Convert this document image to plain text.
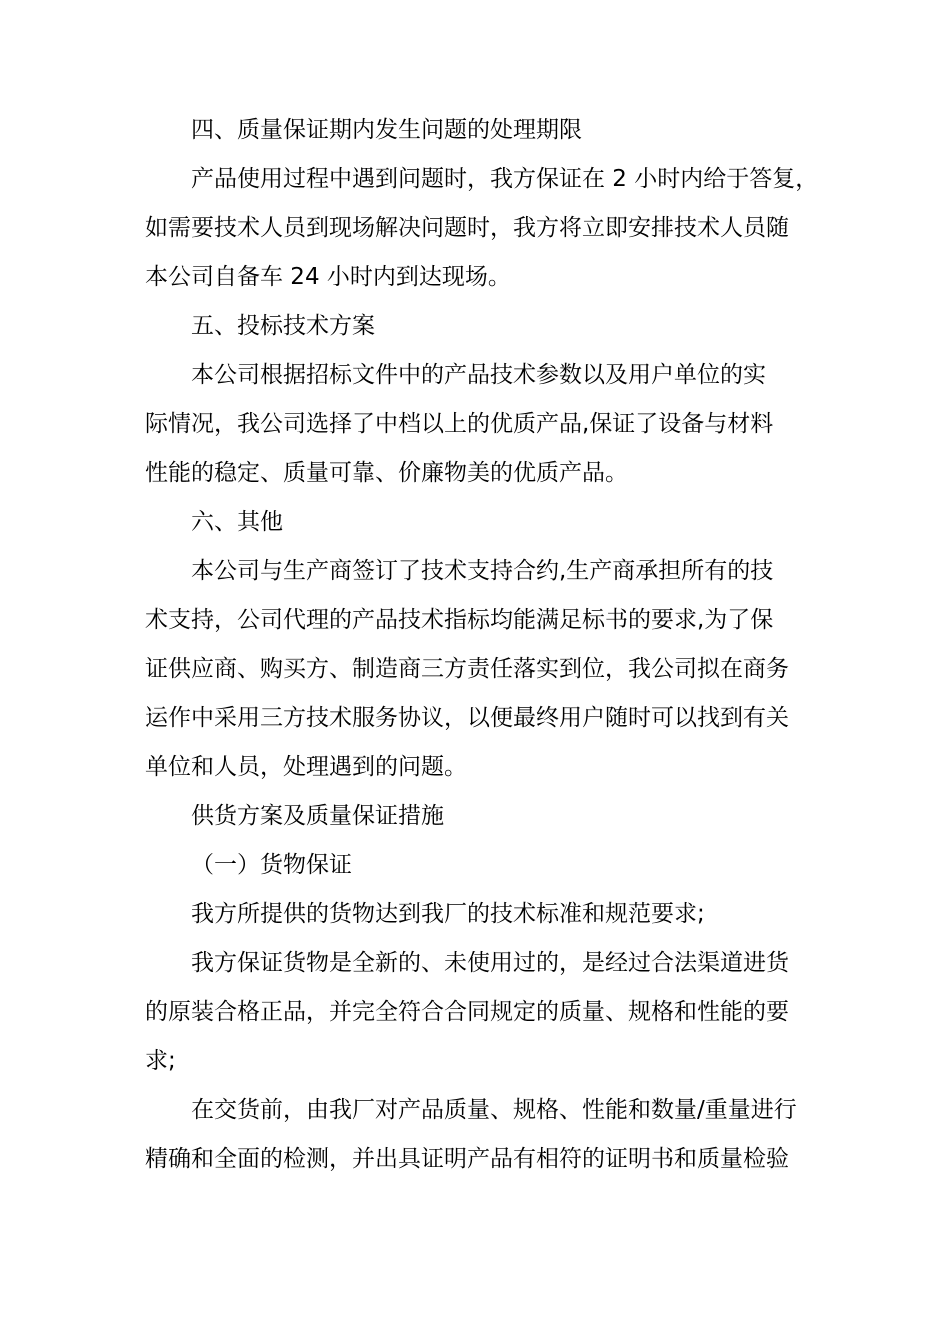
四、质量保证期内发生问题的处理期限

产品使用过程中遇到问题时，我方保证在 2 小时内给于答复，
如需要技术人员到现场解决问题时，我方将立即安排技术人员随
本公司自备车 24 小时内到达现场。

五、投标技术方案

本公司根据招标文件中的产品技术参数以及用户单位的实
际情况，我公司选择了中档以上的优质产品,保证了设备与材料
性能的稳定、质量可靠、价廉物美的优质产品。

六、其他

本公司与生产商签订了技术支持合约,生产商承担所有的技
术支持，公司代理的产品技术指标均能满足标书的要求,为了保
证供应商、购买方、制造商三方责任落实到位，我公司拟在商务
运作中采用三方技术服务协议，以便最终用户随时可以找到有关
单位和人员，处理遇到的问题。

供货方案及质量保证措施

（一）货物保证

我方所提供的货物达到我厂的技术标准和规范要求;

我方保证货物是全新的、未使用过的，是经过合法渠道进货
的原装合格正品，并完全符合合同规定的质量、规格和性能的要
求;

在交货前，由我厂对产品质量、规格、性能和数量/重量进行
精确和全面的检测，并出具证明产品有相符的证明书和质量检验
